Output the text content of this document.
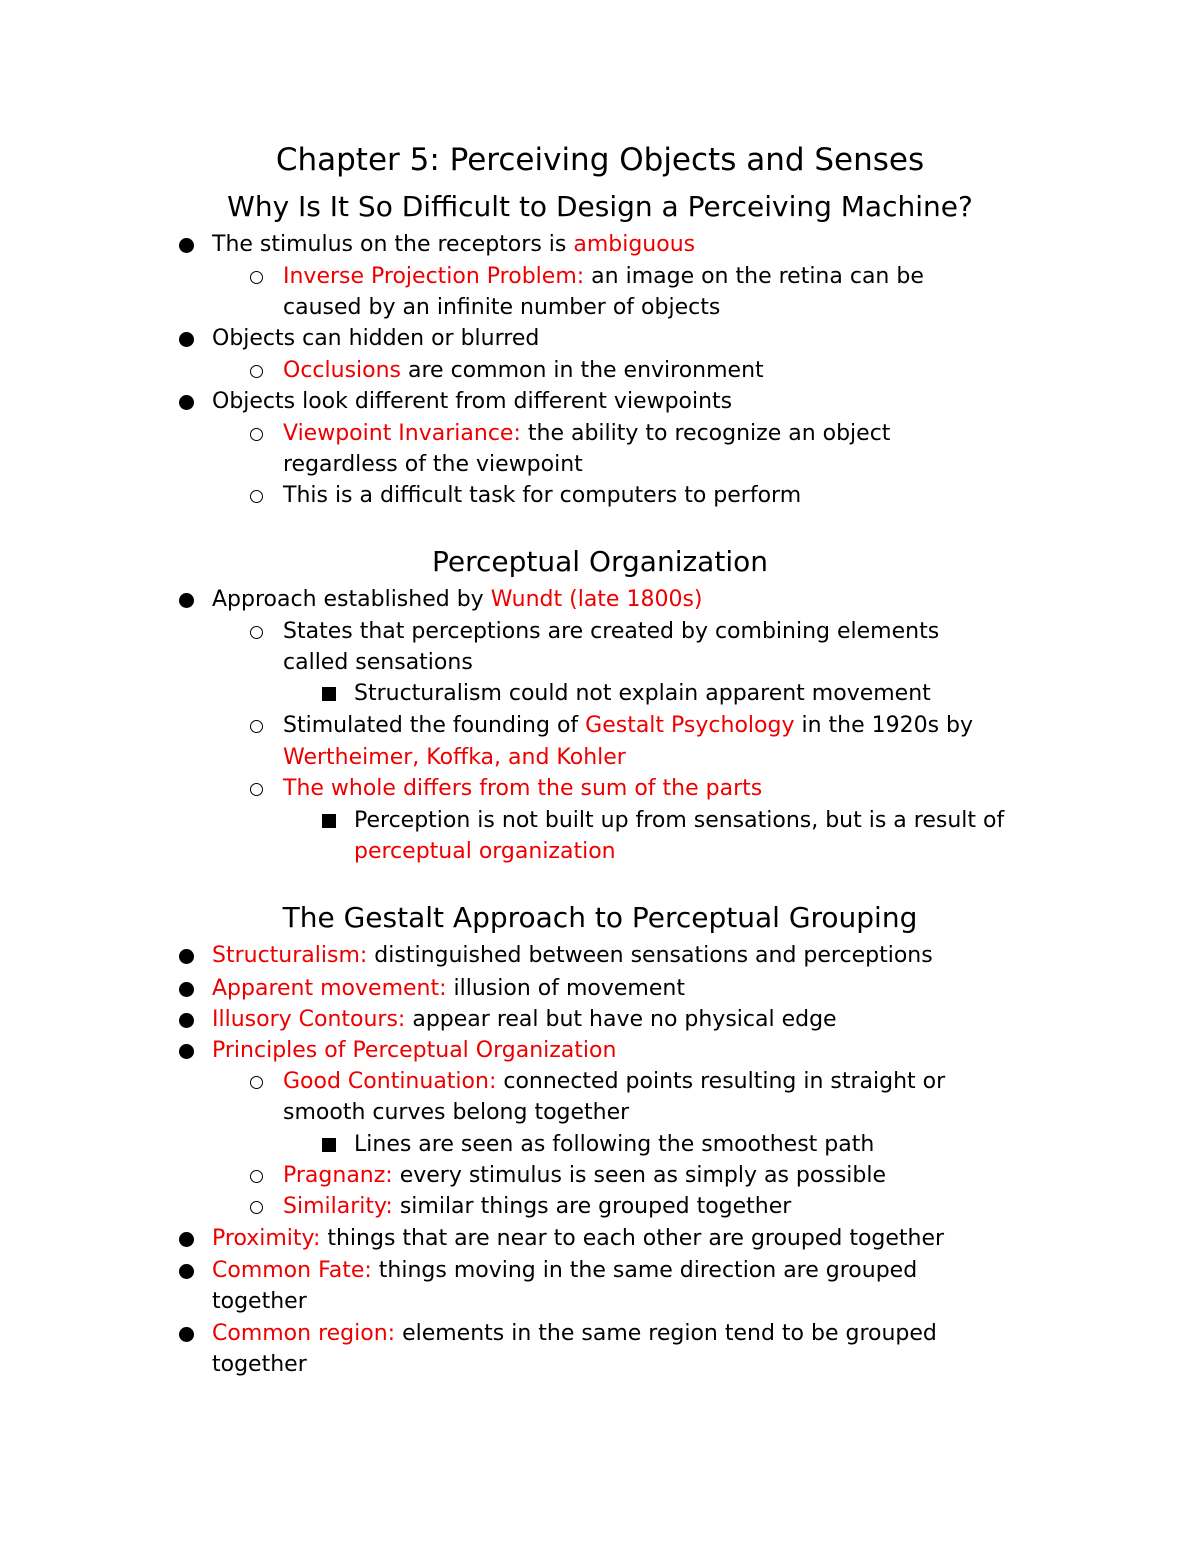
Chapter 5: Perceiving Objects and Senses
Why Is It So Difficult to Design a Perceiving Machine?
The stimulus on the receptors is ambiguous
Inverse Projection Problem: an image on the retina can be
caused by an infinite number of objects
Objects can hidden or blurred
Occlusions are common in the environment
Objects look different from different viewpoints
Viewpoint Invariance: the ability to recognize an object
regardless of the viewpoint
This is a difficult task for computers to perform
Perceptual Organization
Approach established by Wundt (late 1800s)
States that perceptions are created by combining elements
called sensations
Structuralism could not explain apparent movement
Stimulated the founding of Gestalt Psychology in the 1920s by
Wertheimer, Koffka, and Kohler
The whole differs from the sum of the parts
Perception is not built up from sensations, but is a result of
perceptual organization
The Gestalt Approach to Perceptual Grouping
Structuralism: distinguished between sensations and perceptions
Apparent movement: illusion of movement
Illusory Contours: appear real but have no physical edge
Principles of Perceptual Organization
Good Continuation: connected points resulting in straight or
smooth curves belong together
Lines are seen as following the smoothest path
Pragnanz: every stimulus is seen as simply as possible
Similarity: similar things are grouped together
Proximity: things that are near to each other are grouped together
Common Fate: things moving in the same direction are grouped
together
Common region: elements in the same region tend to be grouped
together
